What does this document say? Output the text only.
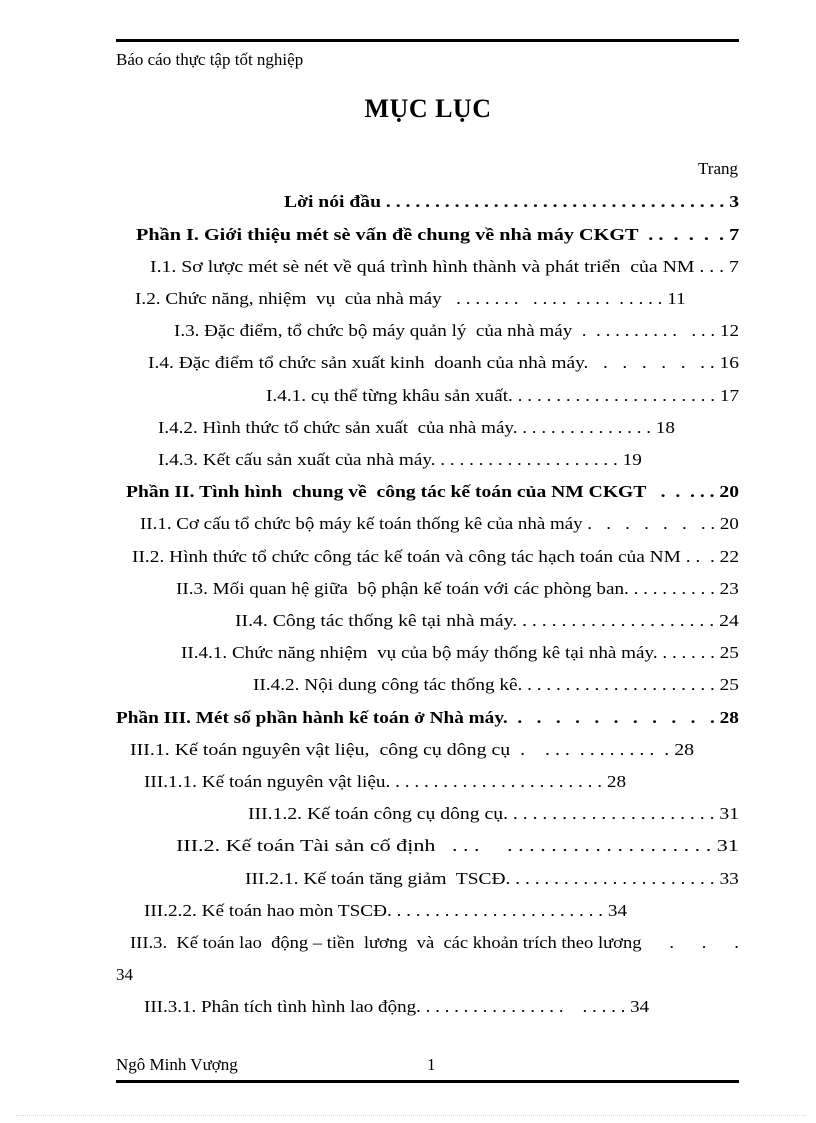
Báo cáo thực tập tốt nghiệp
MỤC LỤC
Trang
Lời nói đầu . . . . . . . . . . . . . . . . . . . . . . . . . . . . . . . . . . . 3
Phần I. Giới thiệu mét sè vấn đề chung về nhà máy CKGT  . .  .  .  .  . 7
I.1. Sơ lược mét sè nét về quá trình hình thành và phát triển  của NM . . . 7
I.2. Chức năng, nhiệm  vụ  của nhà máy   . . . . . . .   . . . .  . . . .  . . . . . 11
I.3. Đặc điểm, tổ chức bộ máy quản lý  của nhà máy  .  . . . . . . . . .   . . . 12
I.4. Đặc điểm tổ chức sản xuất kinh  doanh của nhà máy.   .   .   .   .   .   . . 16
I.4.1. cụ thể từng khâu sản xuất. . . . . . . . . . . . . . . . . . . . . . 17
I.4.2. Hình thức tổ chức sản xuất  của nhà máy. . . . . . . . . . . . . . . 18
I.4.3. Kết cấu sản xuất của nhà máy. . . . . . . . . . . . . . . . . . . . 19
Phần II. Tình hình  chung về  công tác kế toán của NM CKGT   .  .  . . . 20
II.1. Cơ cấu tổ chức bộ máy kế toán thống kê của nhà máy .   .   .   .   .   .   . . 20
II.2. Hình thức tổ chức công tác kế toán và công tác hạch toán của NM . .  . 22
II.3. Mối quan hệ giữa  bộ phận kế toán với các phòng ban. . . . . . . . . . 23
II.4. Công tác thống kê tại nhà máy. . . . . . . . . . . . . . . . . . . . . 24
II.4.1. Chức năng nhiệm  vụ của bộ máy thống kê tại nhà máy. . . . . . . 25
II.4.2. Nội dung công tác thống kê. . . . . . . . . . . . . . . . . . . . . 25
Phần III. Mét số phần hành kế toán ở Nhà máy.  .   .   .   .   .   .   .   .   .   .   . 28
III.1. Kế toán nguyên vật liệu,  công cụ dông cụ  .    . . .  . . . . . . . .  . 28
III.1.1. Kế toán nguyên vật liệu. . . . . . . . . . . . . . . . . . . . . . . 28
III.1.2. Kế toán công cụ dông cụ. . . . . . . . . . . . . . . . . . . . . . 31
III.2. Kế toán Tài sản cố định   . . .     . . . . . . . . . . . . . . . . . . . 31
III.2.1. Kế toán tăng giảm  TSCĐ. . . . . . . . . . . . . . . . . . . . . . 33
III.2.2. Kế toán hao mòn TSCĐ. . . . . . . . . . . . . . . . . . . . . . . 34
III.3.  Kế toán lao  động – tiền  lương  và  các khoản trích theo lương      .      .      .
34
III.3.1. Phân tích tình hình lao động. . . . . . . . . . . . . . . .    . . . . . 34
Ngô Minh Vượng	1
